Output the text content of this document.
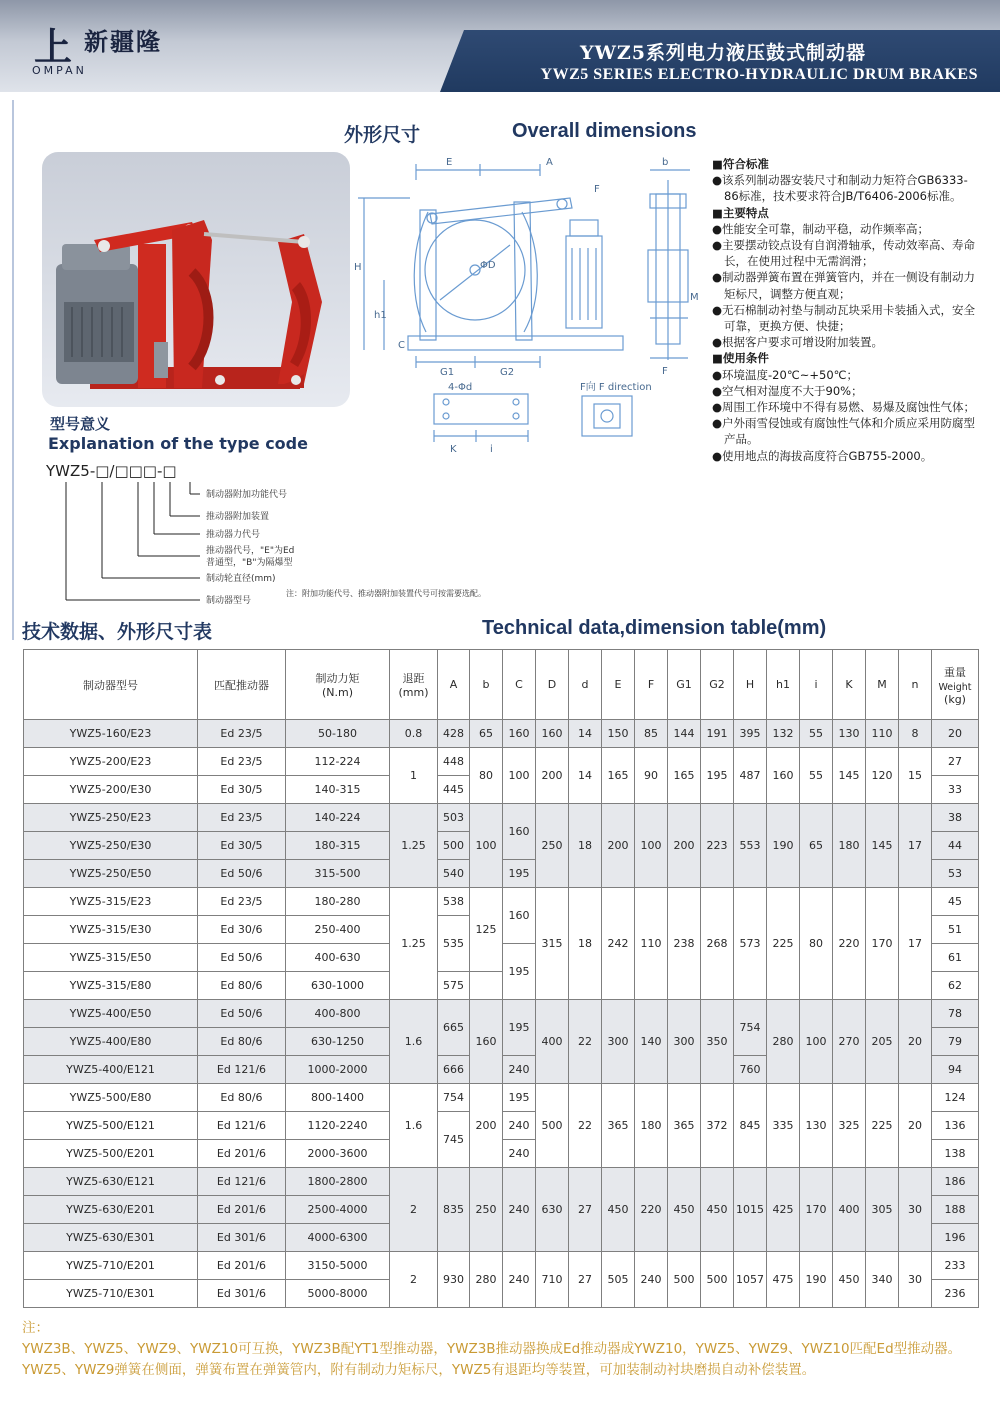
上 新疆隆
OMPAN
YWZ5系列电力液压鼓式制动器
YWZ5 SERIES ELECTRO-HYDRAULIC DRUM BRAKES
外形尺寸	Overall dimensions
E	A	b
F
H
h1
C
G1	G2
M
ΦD
4-Φd
K	i
F向 F direction
F
■符合标准
●该系列制动器安装尺寸和制动力矩符合GB6333-86标准，技术要求符合JB/T6406-2006标准。
■主要特点
●性能安全可靠，制动平稳，动作频率高；
●主要摆动铰点设有自润滑轴承，传动效率高、寿命长，在使用过程中无需润滑；
●制动器弹簧布置在弹簧管内，并在一侧设有制动力矩标尺，调整方便直观；
●无石棉制动衬垫与制动瓦块采用卡装插入式，安全可靠，更换方便、快捷；
●根据客户要求可增设附加装置。
■使用条件
●环境温度-20℃~+50℃；
●空气相对湿度不大于90%；
●周围工作环境中不得有易燃、易爆及腐蚀性气体；
●户外雨雪侵蚀或有腐蚀性气体和介质应采用防腐型产品。
●使用地点的海拔高度符合GB755-2000。
型号意义
Explanation of the type code
YWZ5-□/□□□-□
制动器附加功能代号
推动器附加装置
推动器力代号
推动器代号，"E"为Ed
普通型，"B"为隔爆型
制动轮直径(mm)
制动器型号
注：附加功能代号、推动器附加装置代号可按需要选配。
技术数据、外形尺寸表	Technical data,dimension table(mm)
制动器型号	匹配推动器	制动力矩
(N.m)	退距
(mm)	A	b	C	D	d	E	F	G1	G2	H	h1	i	K	M	n	重量
Weight
(kg)
YWZ5-160/E23	Ed 23/5	50-180	0.8	428	65	160	160	14	150	85	144	191	395	132	55	130	110	8	20
YWZ5-200/E23	Ed 23/5	112-224	1	448	80	100	200	14	165	90	165	195	487	160	55	145	120	15	27
YWZ5-200/E30	Ed 30/5	140-315		445															33
YWZ5-250/E23	Ed 23/5	140-224	1.25	503	100	160	250	18	200	100	200	223	553	190	65	180	145	17	38
YWZ5-250/E30	Ed 30/5	180-315		500															44
YWZ5-250/E50	Ed 50/6	315-500		540		195													53
YWZ5-315/E23	Ed 23/5	180-280	1.25	538	125	160	315	18	242	110	238	268	573	225	80	220	170	17	45
YWZ5-315/E30	Ed 30/6	250-400		535															51
YWZ5-315/E50	Ed 50/6	400-630				195													61
YWZ5-315/E80	Ed 80/6	630-1000		575															62
YWZ5-400/E50	Ed 50/6	400-800	1.6	665	160	195	400	22	300	140	300	350	754	280	100	270	205	20	78
YWZ5-400/E80	Ed 80/6	630-1250																	79
YWZ5-400/E121	Ed 121/6	1000-2000		666		240							760						94
YWZ5-500/E80	Ed 80/6	800-1400	1.6	754	200	195	500	22	365	180	365	372	845	335	130	325	225	20	124
YWZ5-500/E121	Ed 121/6	1120-2240		745		240													136
YWZ5-500/E201	Ed 201/6	2000-3600				240													138
YWZ5-630/E121	Ed 121/6	1800-2800	2	835	250	240	630	27	450	220	450	450	1015	425	170	400	305	30	186
YWZ5-630/E201	Ed 201/6	2500-4000																	188
YWZ5-630/E301	Ed 301/6	4000-6300																	196
YWZ5-710/E201	Ed 201/6	3150-5000	2	930	280	240	710	27	505	240	500	500	1057	475	190	450	340	30	233
YWZ5-710/E301	Ed 301/6	5000-8000																	236
注：
YWZ3B、YWZ5、YWZ9、YWZ10可互换，YWZ3B配YT1型推动器，YWZ3B推动器换成Ed推动器成YWZ10，YWZ5、YWZ9、YWZ10匹配Ed型推动器。YWZ5、YWZ9弹簧在侧面，弹簧布置在弹簧管内，附有制动力矩标尺，YWZ5有退距均等装置，可加装制动衬块磨损自动补偿装置。
